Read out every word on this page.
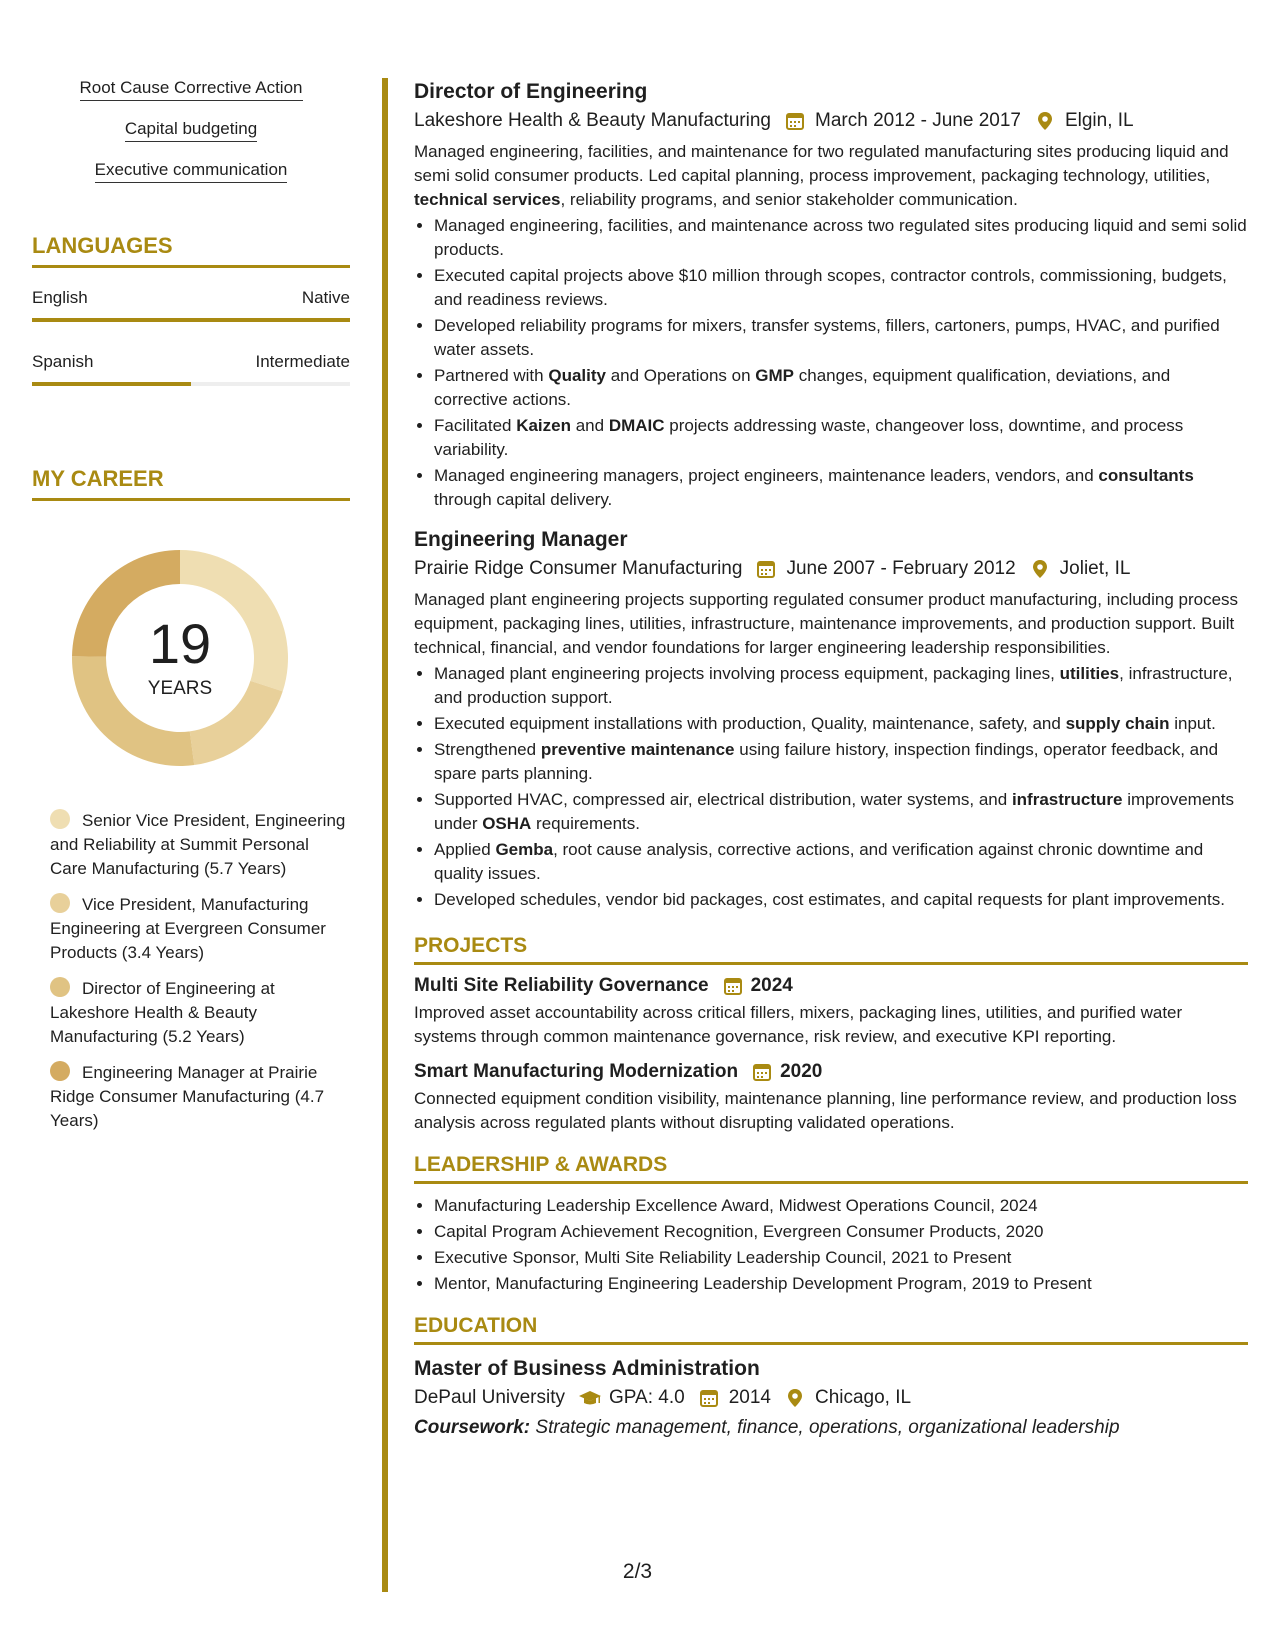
Root Cause Corrective Action
Capital budgeting
Executive communication
LANGUAGES
English	Native
Spanish	Intermediate
MY CAREER
19
YEARS
Senior Vice President, Engineering and Reliability at Summit Personal Care Manufacturing (5.7 Years)
Vice President, Manufacturing Engineering at Evergreen Consumer Products (3.4 Years)
Director of Engineering at Lakeshore Health & Beauty Manufacturing (5.2 Years)
Engineering Manager at Prairie Ridge Consumer Manufacturing (4.7 Years)
Director of Engineering
Lakeshore Health & Beauty Manufacturing March 2012 - June 2017 Elgin, IL
Managed engineering, facilities, and maintenance for two regulated manufacturing sites producing liquid and semi solid consumer products. Led capital planning, process improvement, packaging technology, utilities, technical services, reliability programs, and senior stakeholder communication.
• Managed engineering, facilities, and maintenance across two regulated sites producing liquid and semi solid products.
• Executed capital projects above $10 million through scopes, contractor controls, commissioning, budgets, and readiness reviews.
• Developed reliability programs for mixers, transfer systems, fillers, cartoners, pumps, HVAC, and purified water assets.
• Partnered with Quality and Operations on GMP changes, equipment qualification, deviations, and corrective actions.
• Facilitated Kaizen and DMAIC projects addressing waste, changeover loss, downtime, and process variability.
• Managed engineering managers, project engineers, maintenance leaders, vendors, and consultants through capital delivery.
Engineering Manager
Prairie Ridge Consumer Manufacturing June 2007 - February 2012 Joliet, IL
Managed plant engineering projects supporting regulated consumer product manufacturing, including process equipment, packaging lines, utilities, infrastructure, maintenance improvements, and production support. Built technical, financial, and vendor foundations for larger engineering leadership responsibilities.
• Managed plant engineering projects involving process equipment, packaging lines, utilities, infrastructure, and production support.
• Executed equipment installations with production, Quality, maintenance, safety, and supply chain input.
• Strengthened preventive maintenance using failure history, inspection findings, operator feedback, and spare parts planning.
• Supported HVAC, compressed air, electrical distribution, water systems, and infrastructure improvements under OSHA requirements.
• Applied Gemba, root cause analysis, corrective actions, and verification against chronic downtime and quality issues.
• Developed schedules, vendor bid packages, cost estimates, and capital requests for plant improvements.
PROJECTS
Multi Site Reliability Governance 2024
Improved asset accountability across critical fillers, mixers, packaging lines, utilities, and purified water systems through common maintenance governance, risk review, and executive KPI reporting.
Smart Manufacturing Modernization 2020
Connected equipment condition visibility, maintenance planning, line performance review, and production loss analysis across regulated plants without disrupting validated operations.
LEADERSHIP & AWARDS
• Manufacturing Leadership Excellence Award, Midwest Operations Council, 2024
• Capital Program Achievement Recognition, Evergreen Consumer Products, 2020
• Executive Sponsor, Multi Site Reliability Leadership Council, 2021 to Present
• Mentor, Manufacturing Engineering Leadership Development Program, 2019 to Present
EDUCATION
Master of Business Administration
DePaul University GPA: 4.0 2014 Chicago, IL
Coursework: Strategic management, finance, operations, organizational leadership
2/3
